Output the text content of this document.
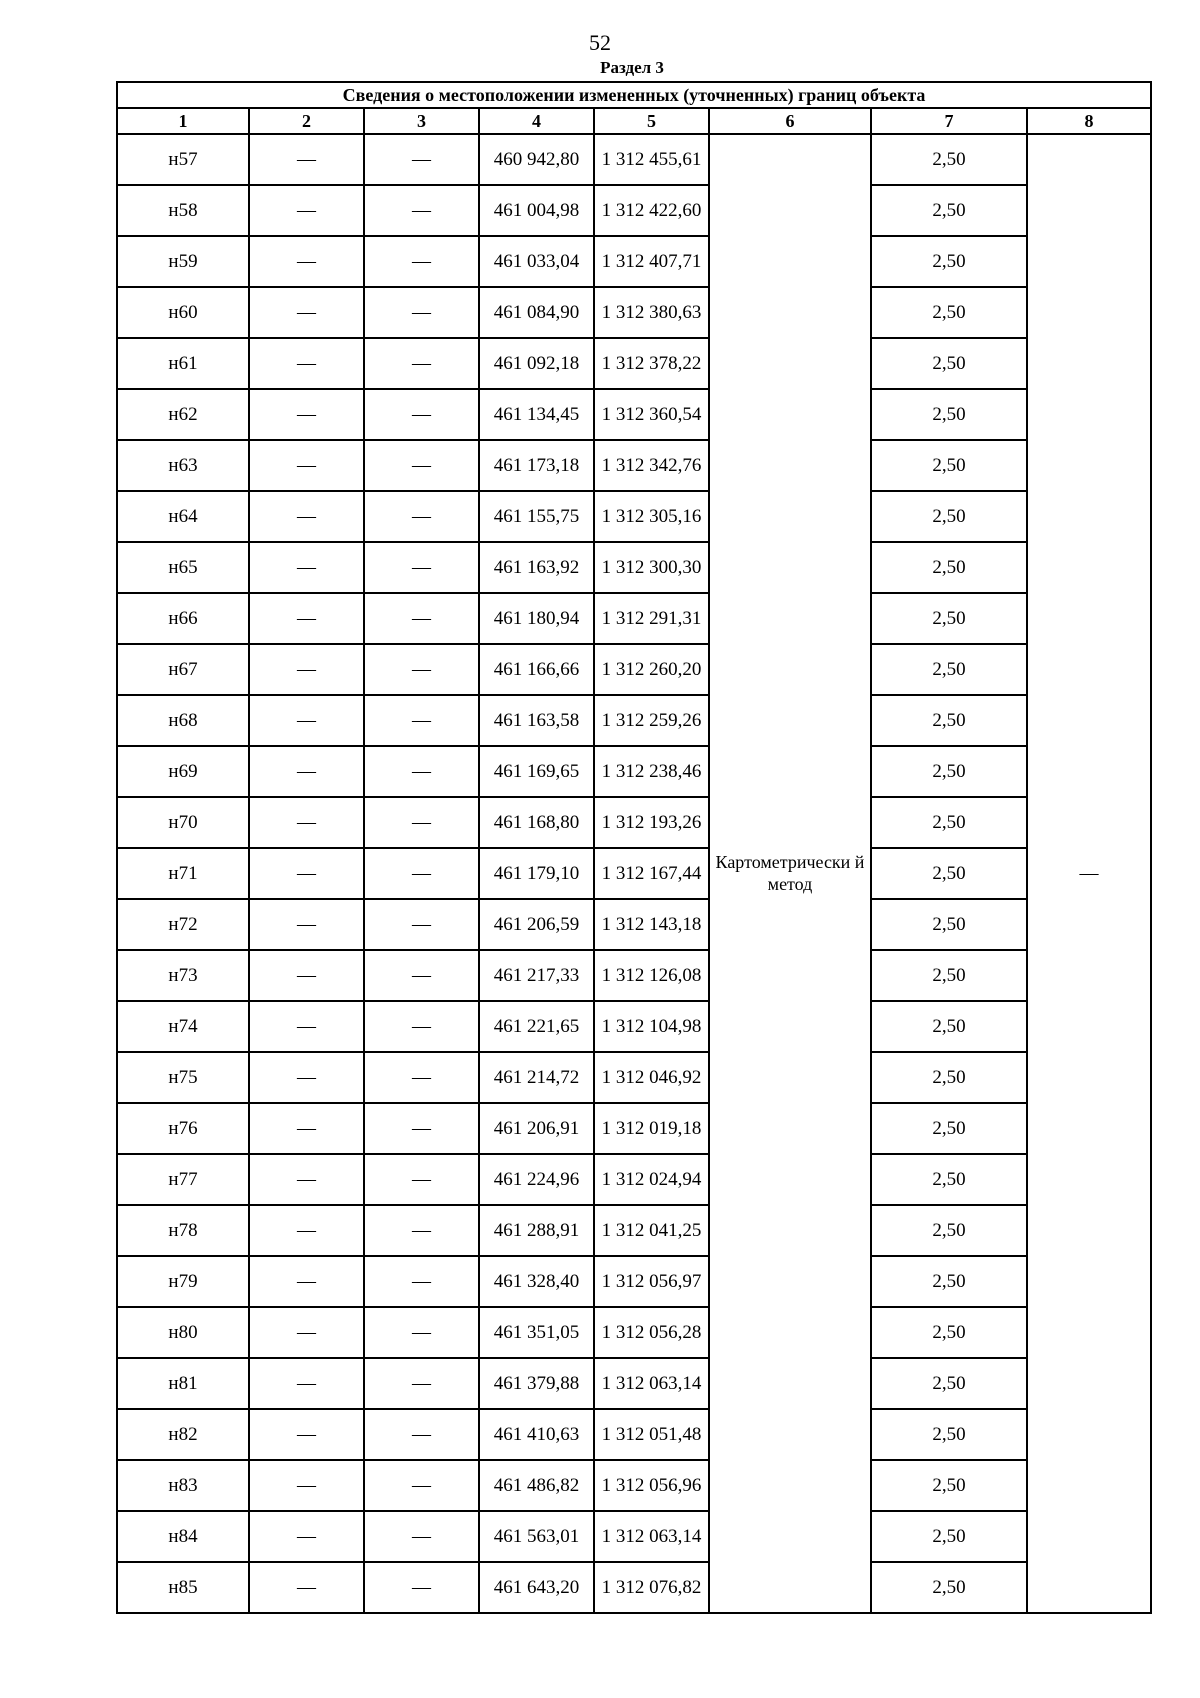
52
Раздел 3
Сведения о местоположении измененных (уточненных) границ объекта							
1	2	3	4	5	6	7	8
н57	—	—	460 942,80	1 312 455,61	Картометрически й метод	2,50	—
н58	—	—	461 004,98	1 312 422,60		2,50	
н59	—	—	461 033,04	1 312 407,71		2,50	
н60	—	—	461 084,90	1 312 380,63		2,50	
н61	—	—	461 092,18	1 312 378,22		2,50	
н62	—	—	461 134,45	1 312 360,54		2,50	
н63	—	—	461 173,18	1 312 342,76		2,50	
н64	—	—	461 155,75	1 312 305,16		2,50	
н65	—	—	461 163,92	1 312 300,30		2,50	
н66	—	—	461 180,94	1 312 291,31		2,50	
н67	—	—	461 166,66	1 312 260,20		2,50	
н68	—	—	461 163,58	1 312 259,26		2,50	
н69	—	—	461 169,65	1 312 238,46		2,50	
н70	—	—	461 168,80	1 312 193,26		2,50	
н71	—	—	461 179,10	1 312 167,44		2,50	
н72	—	—	461 206,59	1 312 143,18		2,50	
н73	—	—	461 217,33	1 312 126,08		2,50	
н74	—	—	461 221,65	1 312 104,98		2,50	
н75	—	—	461 214,72	1 312 046,92		2,50	
н76	—	—	461 206,91	1 312 019,18		2,50	
н77	—	—	461 224,96	1 312 024,94		2,50	
н78	—	—	461 288,91	1 312 041,25		2,50	
н79	—	—	461 328,40	1 312 056,97		2,50	
н80	—	—	461 351,05	1 312 056,28		2,50	
н81	—	—	461 379,88	1 312 063,14		2,50	
н82	—	—	461 410,63	1 312 051,48		2,50	
н83	—	—	461 486,82	1 312 056,96		2,50	
н84	—	—	461 563,01	1 312 063,14		2,50	
н85	—	—	461 643,20	1 312 076,82		2,50	
